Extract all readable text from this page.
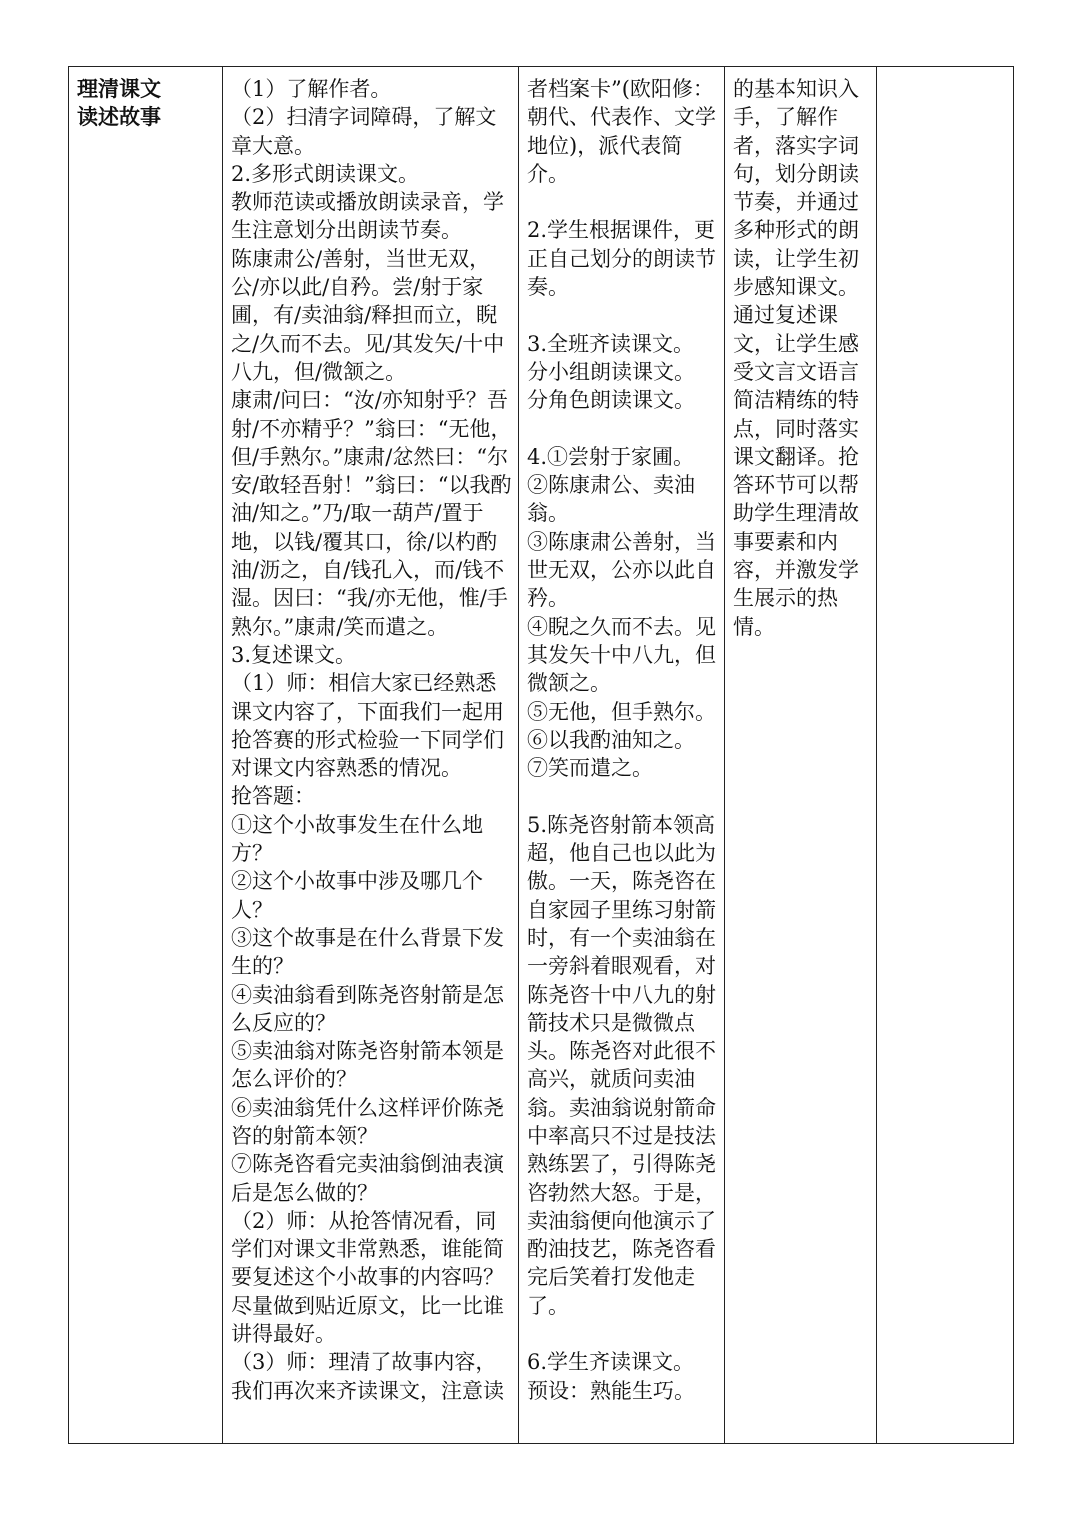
理清课文
读述故事

（1）了解作者。
（2）扫清字词障碍，了解文章大意。
2.多形式朗读课文。
教师范读或播放朗读录音，学生注意划分出朗读节奏。
陈康肃公/善射，当世无双，公/亦以此/自矜。尝/射于家圃，有/卖油翁/释担而立，睨之/久而不去。见/其发矢/十中八九，但/微颔之。
康肃/问曰：“汝/亦知射乎？吾射/不亦精乎？”翁曰：“无他，但/手熟尔。”康肃/忿然曰：“尔安/敢轻吾射！”翁曰：“以我酌油/知之。”乃/取一葫芦/置于地，以钱/覆其口，徐/以杓酌油/沥之，自/钱孔入，而/钱不湿。因曰：“我/亦无他，惟/手熟尔。”康肃/笑而遣之。
3.复述课文。
（1）师：相信大家已经熟悉课文内容了，下面我们一起用抢答赛的形式检验一下同学们对课文内容熟悉的情况。
抢答题：
①这个小故事发生在什么地方？
②这个小故事中涉及哪几个人？
③这个故事是在什么背景下发生的？
④卖油翁看到陈尧咨射箭是怎么反应的？
⑤卖油翁对陈尧咨射箭本领是怎么评价的？
⑥卖油翁凭什么这样评价陈尧咨的射箭本领？
⑦陈尧咨看完卖油翁倒油表演后是怎么做的？
（2）师：从抢答情况看，同学们对课文非常熟悉，谁能简要复述这个小故事的内容吗？尽量做到贴近原文，比一比谁讲得最好。
（3）师：理清了故事内容，我们再次来齐读课文，注意读

者档案卡”(欧阳修：朝代、代表作、文学地位)，派代表简介。
2.学生根据课件，更正自己划分的朗读节奏。
3.全班齐读课文。
分小组朗读课文。
分角色朗读课文。
4.①尝射于家圃。
②陈康肃公、卖油翁。
③陈康肃公善射，当世无双，公亦以此自矜。
④睨之久而不去。见其发矢十中八九，但微颔之。
⑤无他，但手熟尔。
⑥以我酌油知之。
⑦笑而遣之。
5.陈尧咨射箭本领高超，他自己也以此为傲。一天，陈尧咨在自家园子里练习射箭时，有一个卖油翁在一旁斜着眼观看，对陈尧咨十中八九的射箭技术只是微微点头。陈尧咨对此很不高兴，就质问卖油翁。卖油翁说射箭命中率高只不过是技法熟练罢了，引得陈尧咨勃然大怒。于是，卖油翁便向他演示了酌油技艺，陈尧咨看完后笑着打发他走了。
6.学生齐读课文。
预设：熟能生巧。

的基本知识入手，了解作者，落实字词句，划分朗读节奏，并通过多种形式的朗读，让学生初步感知课文。
通过复述课文，让学生感受文言文语言简洁精练的特点，同时落实课文翻译。抢答环节可以帮助学生理清故事要素和内容，并激发学生展示的热情。
